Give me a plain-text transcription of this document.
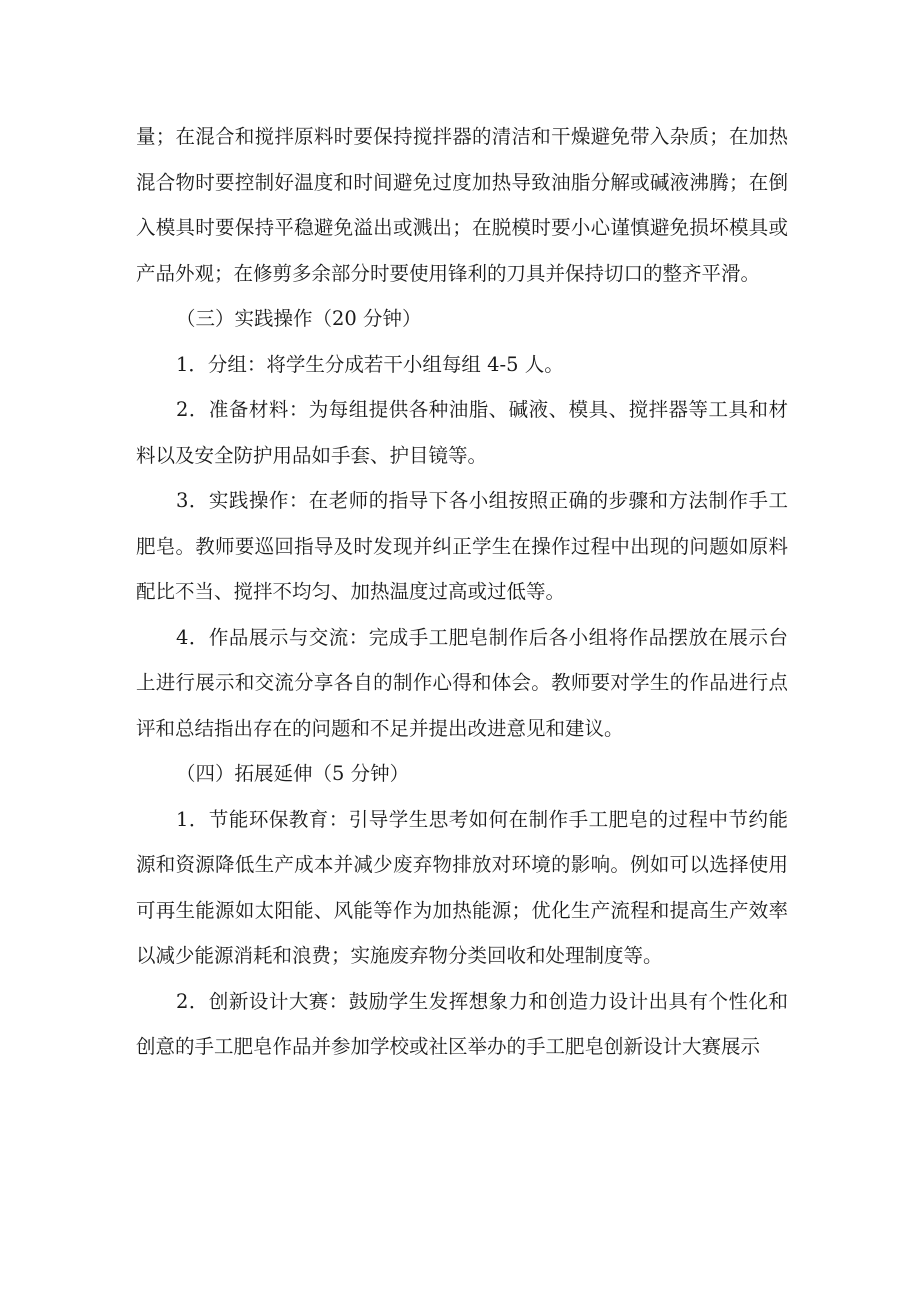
量；在混合和搅拌原料时要保持搅拌器的清洁和干燥避免带入杂质；在加热混合物时要控制好温度和时间避免过度加热导致油脂分解或碱液沸腾；在倒入模具时要保持平稳避免溢出或溅出；在脱模时要小心谨慎避免损坏模具或产品外观；在修剪多余部分时要使用锋利的刀具并保持切口的整齐平滑。

（三）实践操作（20 分钟）

1．分组：将学生分成若干小组每组 4-5 人。

2．准备材料：为每组提供各种油脂、碱液、模具、搅拌器等工具和材料以及安全防护用品如手套、护目镜等。

3．实践操作：在老师的指导下各小组按照正确的步骤和方法制作手工肥皂。教师要巡回指导及时发现并纠正学生在操作过程中出现的问题如原料配比不当、搅拌不均匀、加热温度过高或过低等。

4．作品展示与交流：完成手工肥皂制作后各小组将作品摆放在展示台上进行展示和交流分享各自的制作心得和体会。教师要对学生的作品进行点评和总结指出存在的问题和不足并提出改进意见和建议。

（四）拓展延伸（5 分钟）

1．节能环保教育：引导学生思考如何在制作手工肥皂的过程中节约能源和资源降低生产成本并减少废弃物排放对环境的影响。例如可以选择使用可再生能源如太阳能、风能等作为加热能源；优化生产流程和提高生产效率以减少能源消耗和浪费；实施废弃物分类回收和处理制度等。

2．创新设计大赛：鼓励学生发挥想象力和创造力设计出具有个性化和创意的手工肥皂作品并参加学校或社区举办的手工肥皂创新设计大赛展示
